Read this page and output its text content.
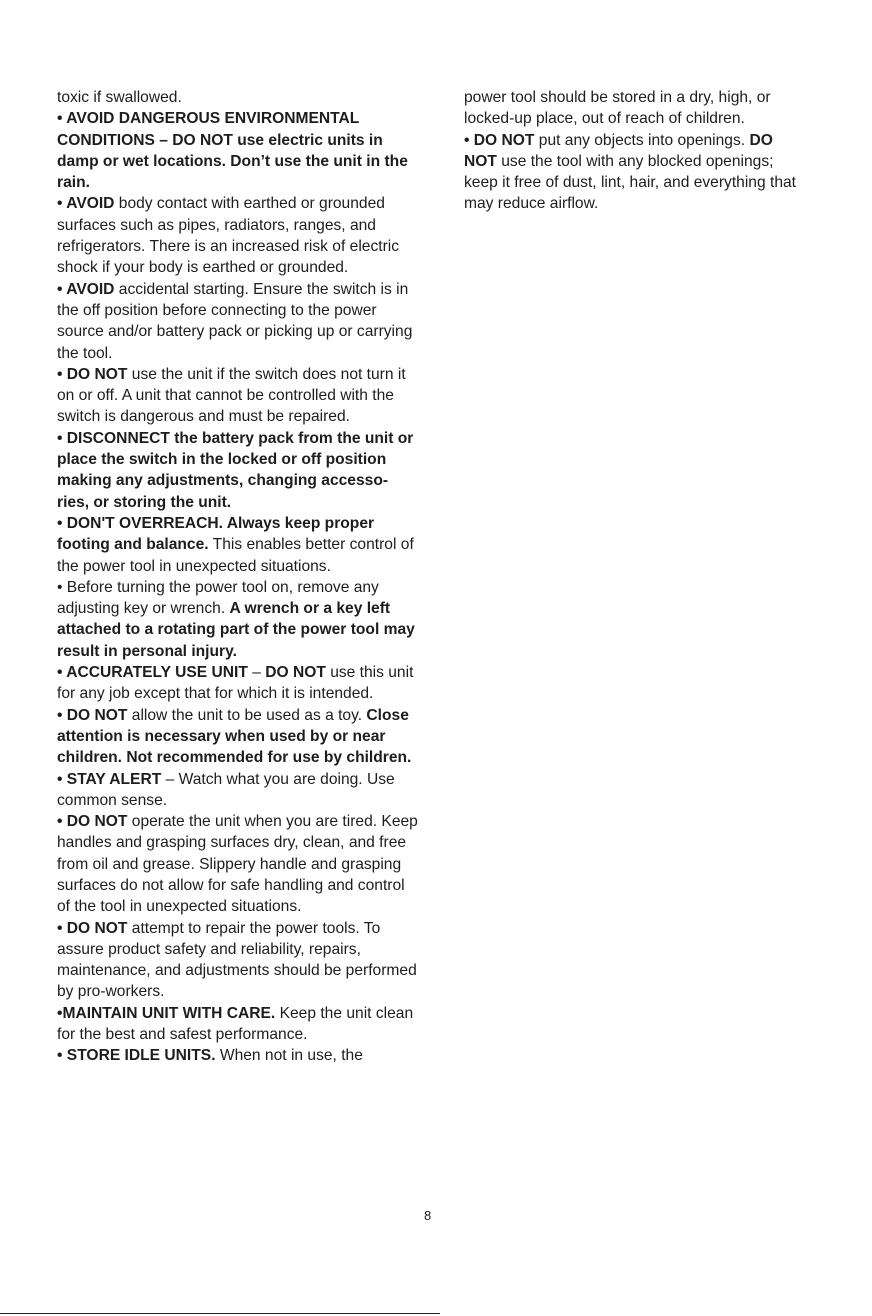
toxic if swallowed.

• AVOID DANGEROUS ENVIRONMENTAL CONDITIONS – DO NOT use electric units in damp or wet locations. Don’t use the unit in the rain.

• AVOID body contact with earthed or grounded surfaces such as pipes, radiators, ranges, and refrigerators. There is an increased risk of electric shock if your body is earthed or grounded.

• AVOID accidental starting. Ensure the switch is in the off position before connecting to the power source and/or battery pack or picking up or carrying the tool.

• DO NOT use the unit if the switch does not turn it on or off. A unit that cannot be controlled with the switch is dangerous and must be repaired.

• DISCONNECT the battery pack from the unit or place the switch in the locked or off position making any adjustments, changing accesso-ries, or storing the unit.

• DON'T OVERREACH. Always keep proper footing and balance. This enables better control of the power tool in unexpected situations.

• Before turning the power tool on, remove any adjusting key or wrench. A wrench or a key left attached to a rotating part of the power tool may result in personal injury.

• ACCURATELY USE UNIT – DO NOT use this unit for any job except that for which it is intended.

• DO NOT allow the unit to be used as a toy. Close attention is necessary when used by or near children. Not recommended for use by children.

• STAY ALERT – Watch what you are doing. Use common sense.

• DO NOT operate the unit when you are tired. Keep handles and grasping surfaces dry, clean, and free from oil and grease. Slippery handle and grasping surfaces do not allow for safe handling and control of the tool in unexpected situations.

• DO NOT attempt to repair the power tools. To assure product safety and reliability, repairs, maintenance, and adjustments should be performed by pro-workers.

•MAINTAIN UNIT WITH CARE. Keep the unit clean for the best and safest performance.

• STORE IDLE UNITS. When not in use, the

power tool should be stored in a dry, high, or locked-up place, out of reach of children.

• DO NOT put any objects into openings. DO NOT use the tool with any blocked openings; keep it free of dust, lint, hair, and everything that may reduce airflow.

8
